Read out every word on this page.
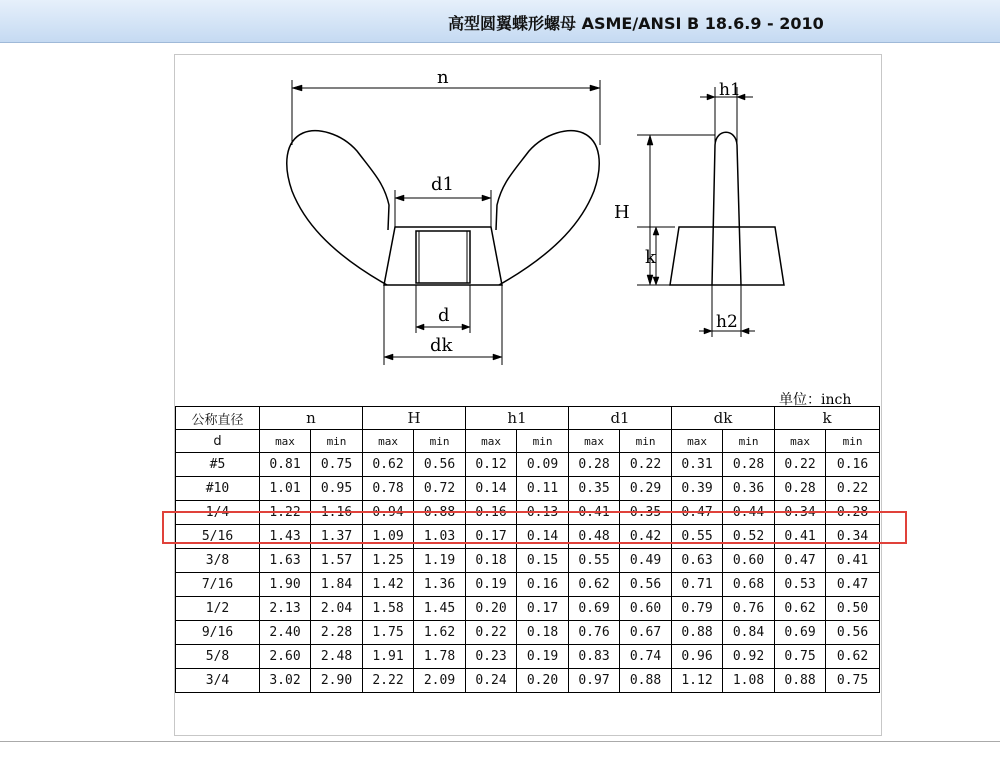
高型圆翼蝶形螺母 ASME/ANSI B 18.6.9 - 2010
n
d1
d
dk
H
k
h1
h2
单位：inch
公称直径	n		H		h1		d1		dk		k	
d	max	min	max	min	max	min	max	min	max	min	max	min
#5	0.81	0.75	0.62	0.56	0.12	0.09	0.28	0.22	0.31	0.28	0.22	0.16
#10	1.01	0.95	0.78	0.72	0.14	0.11	0.35	0.29	0.39	0.36	0.28	0.22
1/4	1.22	1.16	0.94	0.88	0.16	0.13	0.41	0.35	0.47	0.44	0.34	0.28
5/16	1.43	1.37	1.09	1.03	0.17	0.14	0.48	0.42	0.55	0.52	0.41	0.34
3/8	1.63	1.57	1.25	1.19	0.18	0.15	0.55	0.49	0.63	0.60	0.47	0.41
7/16	1.90	1.84	1.42	1.36	0.19	0.16	0.62	0.56	0.71	0.68	0.53	0.47
1/2	2.13	2.04	1.58	1.45	0.20	0.17	0.69	0.60	0.79	0.76	0.62	0.50
9/16	2.40	2.28	1.75	1.62	0.22	0.18	0.76	0.67	0.88	0.84	0.69	0.56
5/8	2.60	2.48	1.91	1.78	0.23	0.19	0.83	0.74	0.96	0.92	0.75	0.62
3/4	3.02	2.90	2.22	2.09	0.24	0.20	0.97	0.88	1.12	1.08	0.88	0.75
